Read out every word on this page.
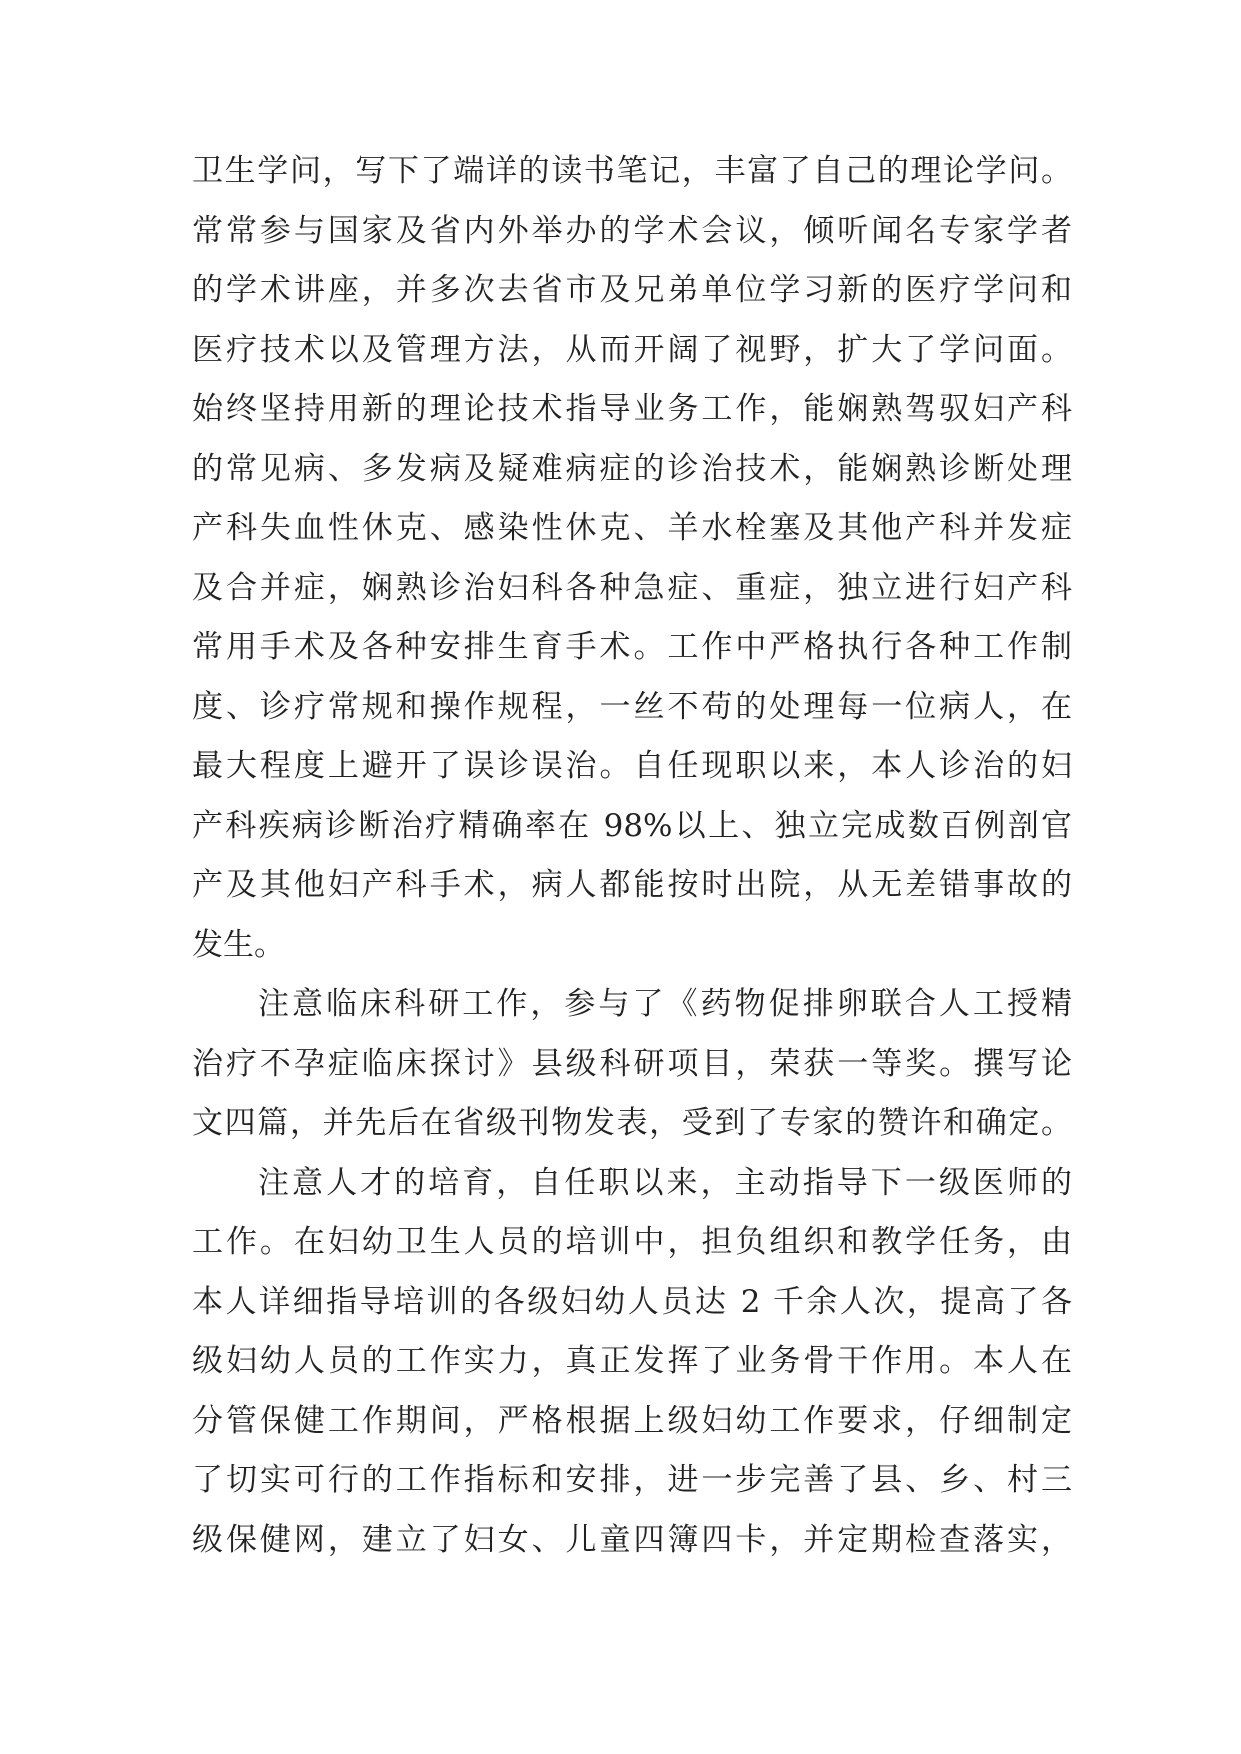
卫生学问，写下了端详的读书笔记，丰富了自己的理论学问。
常常参与国家及省内外举办的学术会议，倾听闻名专家学者
的学术讲座，并多次去省市及兄弟单位学习新的医疗学问和
医疗技术以及管理方法，从而开阔了视野，扩大了学问面。
始终坚持用新的理论技术指导业务工作，能娴熟驾驭妇产科
的常见病、多发病及疑难病症的诊治技术，能娴熟诊断处理
产科失血性休克、感染性休克、羊水栓塞及其他产科并发症
及合并症，娴熟诊治妇科各种急症、重症，独立进行妇产科
常用手术及各种安排生育手术。工作中严格执行各种工作制
度、诊疗常规和操作规程，一丝不苟的处理每一位病人，在
最大程度上避开了误诊误治。自任现职以来，本人诊治的妇
产科疾病诊断治疗精确率在 98%以上、独立完成数百例剖官
产及其他妇产科手术，病人都能按时出院，从无差错事故的
发生。
注意临床科研工作，参与了《药物促排卵联合人工授精
治疗不孕症临床探讨》县级科研项目，荣获一等奖。撰写论
文四篇，并先后在省级刊物发表，受到了专家的赞许和确定。
注意人才的培育，自任职以来，主动指导下一级医师的
工作。在妇幼卫生人员的培训中，担负组织和教学任务，由
本人详细指导培训的各级妇幼人员达 2 千余人次，提高了各
级妇幼人员的工作实力，真正发挥了业务骨干作用。本人在
分管保健工作期间，严格根据上级妇幼工作要求，仔细制定
了切实可行的工作指标和安排，进一步完善了县、乡、村三
级保健网，建立了妇女、儿童四簿四卡，并定期检查落实，
